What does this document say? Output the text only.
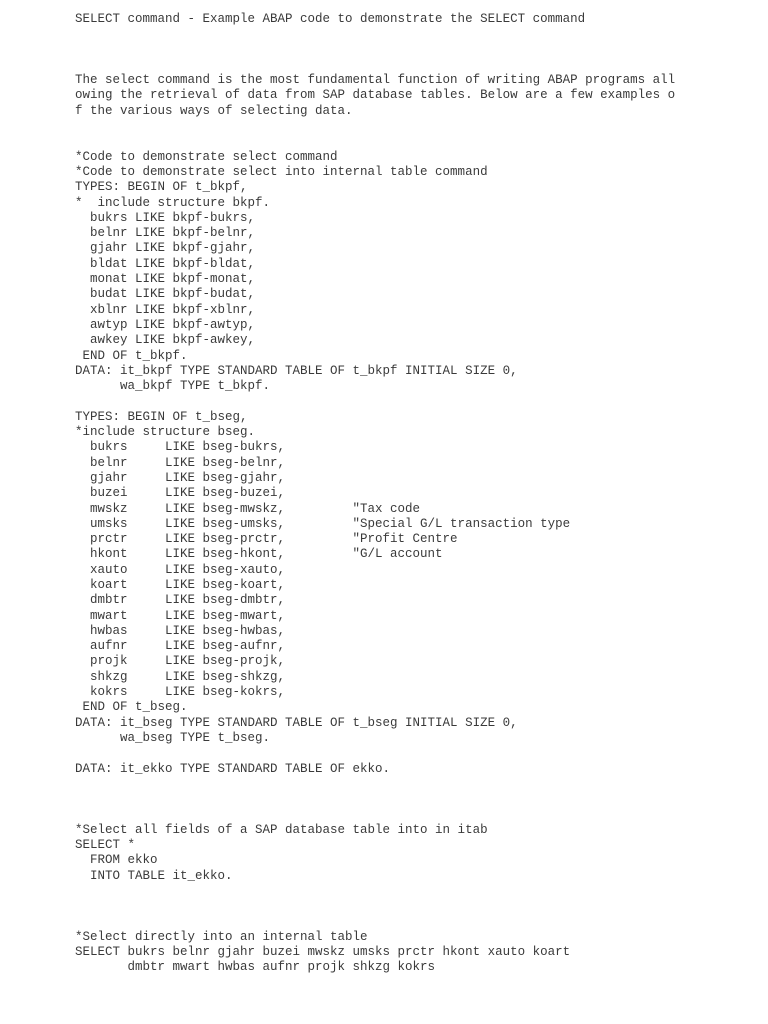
SELECT command - Example ABAP code to demonstrate the SELECT command
The select command is the most fundamental function of writing ABAP programs all
owing the retrieval of data from SAP database tables. Below are a few examples o
f the various ways of selecting data.
*Code to demonstrate select command
*Code to demonstrate select into internal table command
TYPES: BEGIN OF t_bkpf,
*  include structure bkpf.
bukrs LIKE bkpf-bukrs,
belnr LIKE bkpf-belnr,
gjahr LIKE bkpf-gjahr,
bldat LIKE bkpf-bldat,
monat LIKE bkpf-monat,
budat LIKE bkpf-budat,
xblnr LIKE bkpf-xblnr,
awtyp LIKE bkpf-awtyp,
awkey LIKE bkpf-awkey,
END OF t_bkpf.
DATA: it_bkpf TYPE STANDARD TABLE OF t_bkpf INITIAL SIZE 0,
wa_bkpf TYPE t_bkpf.
TYPES: BEGIN OF t_bseg,
*include structure bseg.
bukrs     LIKE bseg-bukrs,
belnr     LIKE bseg-belnr,
gjahr     LIKE bseg-gjahr,
buzei     LIKE bseg-buzei,
mwskz     LIKE bseg-mwskz,         "Tax code
umsks     LIKE bseg-umsks,         "Special G/L transaction type
prctr     LIKE bseg-prctr,         "Profit Centre
hkont     LIKE bseg-hkont,         "G/L account
xauto     LIKE bseg-xauto,
koart     LIKE bseg-koart,
dmbtr     LIKE bseg-dmbtr,
mwart     LIKE bseg-mwart,
hwbas     LIKE bseg-hwbas,
aufnr     LIKE bseg-aufnr,
projk     LIKE bseg-projk,
shkzg     LIKE bseg-shkzg,
kokrs     LIKE bseg-kokrs,
END OF t_bseg.
DATA: it_bseg TYPE STANDARD TABLE OF t_bseg INITIAL SIZE 0,
wa_bseg TYPE t_bseg.
DATA: it_ekko TYPE STANDARD TABLE OF ekko.
*Select all fields of a SAP database table into in itab
SELECT *
FROM ekko
INTO TABLE it_ekko.
*Select directly into an internal table
SELECT bukrs belnr gjahr buzei mwskz umsks prctr hkont xauto koart
dmbtr mwart hwbas aufnr projk shkzg kokrs
